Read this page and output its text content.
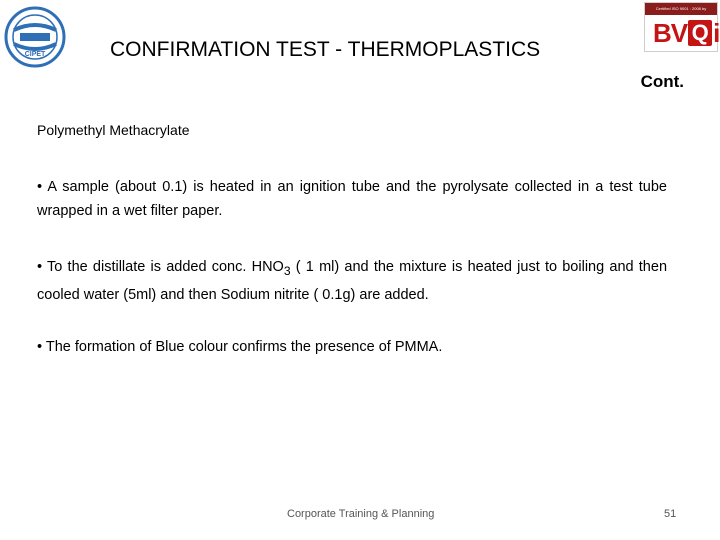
CIPET
Certified ISO 9001 : 2008 by
BV Q i
CONFIRMATION TEST - THERMOPLASTICS
Cont.
Polymethyl Methacrylate
• A sample (about 0.1) is heated in an ignition tube and the pyrolysate collected in a test tube wrapped in a wet filter paper.
• To the distillate is added conc. $HNO_3$ ( 1 ml) and the mixture is heated just to boiling and then cooled water (5ml) and then Sodium nitrite ( 0.1g) are added.
• The formation of Blue colour confirms the presence of PMMA.
Corporate Training & Planning	51
